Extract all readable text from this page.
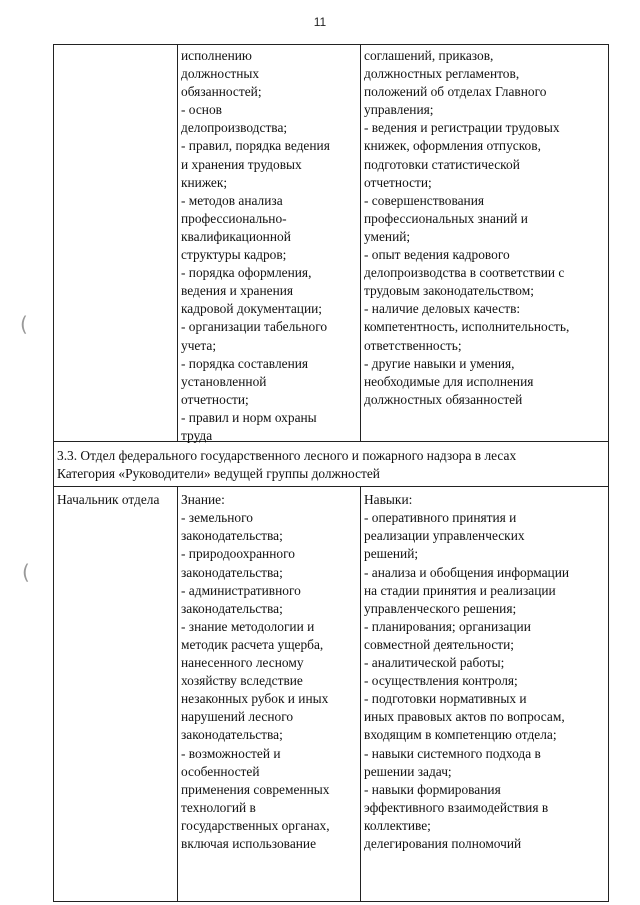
11
(
(
исполнению
должностных
обязанностей;
- основ
делопроизводства;
- правил, порядка ведения
и хранения трудовых
книжек;
- методов анализа
профессионально-
квалификационной
структуры кадров;
- порядка оформления,
ведения и хранения
кадровой документации;
- организации табельного
учета;
- порядка составления
установленной
отчетности;
- правил и норм охраны
труда
соглашений, приказов,
должностных регламентов,
положений об отделах Главного
управления;
- ведения и регистрации трудовых
книжек, оформления отпусков,
подготовки статистической
отчетности;
- совершенствования
профессиональных знаний и
умений;
- опыт ведения кадрового
делопроизводства в соответствии с
трудовым законодательством;
- наличие деловых качеств:
компетентность, исполнительность,
ответственность;
- другие навыки и умения,
необходимые для исполнения
должностных обязанностей
3.3. Отдел федерального государственного лесного и пожарного надзора в лесах
Категория «Руководители» ведущей группы должностей
Начальник отдела	Знание:
- земельного
законодательства;
- природоохранного
законодательства;
- административного
законодательства;
- знание методологии и
методик расчета ущерба,
нанесенного лесному
хозяйству вследствие
незаконных рубок и иных
нарушений лесного
законодательства;
- возможностей и
особенностей
применения современных
технологий в
государственных органах,
включая использование
Навыки:
- оперативного принятия и
реализации управленческих
решений;
- анализа и обобщения информации
на стадии принятия и реализации
управленческого решения;
- планирования; организации
совместной деятельности;
- аналитической работы;
- осуществления контроля;
- подготовки нормативных и
иных правовых актов по вопросам,
входящим в компетенцию отдела;
- навыки системного подхода в
решении задач;
- навыки формирования
эффективного взаимодействия в
коллективе;
делегирования полномочий
